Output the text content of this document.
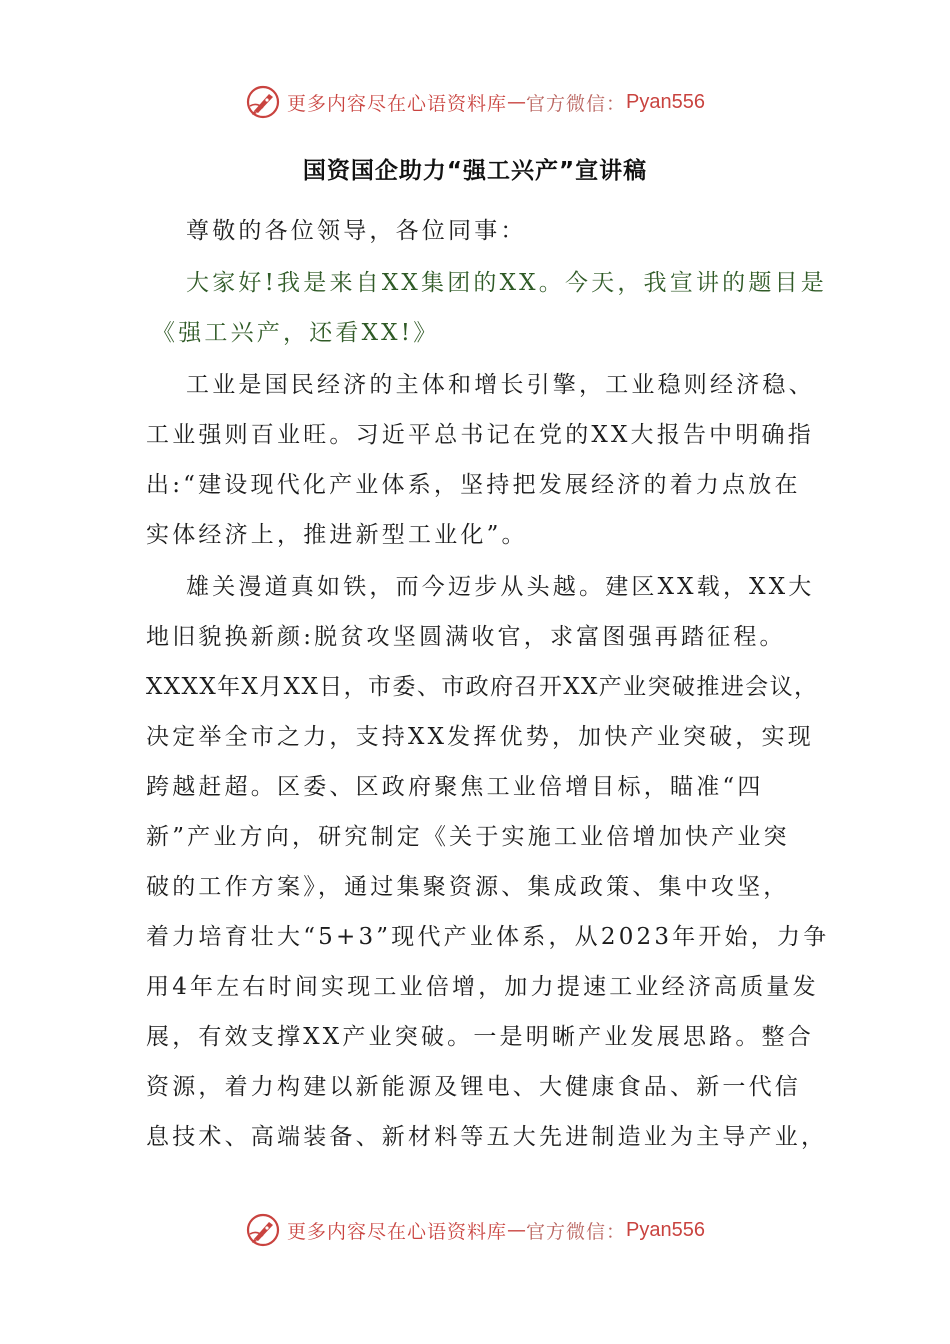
更多内容尽在心语资料库 — 官方微信： Pyan556
国资国企助力“强工兴产”宣讲稿
尊敬的各位领导，各位同事：
大家好!我是来自XX集团的XX。今天，我宣讲的题目是
《强工兴产，还看XX!》
工业是国民经济的主体和增长引擎，工业稳则经济稳、
工业强则百业旺。习近平总书记在党的XX大报告中明确指
出:“建设现代化产业体系，坚持把发展经济的着力点放在
实体经济上，推进新型工业化”。
雄关漫道真如铁，而今迈步从头越。建区XX载，XX大
地旧貌换新颜:脱贫攻坚圆满收官，求富图强再踏征程。
XXXX年X月XX日，市委、市政府召开XX产业突破推进会议，
决定举全市之力，支持XX发挥优势，加快产业突破，实现
跨越赶超。区委、区政府聚焦工业倍增目标，瞄准“四
新”产业方向，研究制定《关于实施工业倍增加快产业突
破的工作方案》，通过集聚资源、集成政策、集中攻坚，
着力培育壮大“5+3”现代产业体系，从2023年开始，力争
用4年左右时间实现工业倍增，加力提速工业经济高质量发
展，有效支撑XX产业突破。一是明晰产业发展思路。整合
资源，着力构建以新能源及锂电、大健康食品、新一代信
息技术、高端装备、新材料等五大先进制造业为主导产业，
更多内容尽在心语资料库 — 官方微信： Pyan556
